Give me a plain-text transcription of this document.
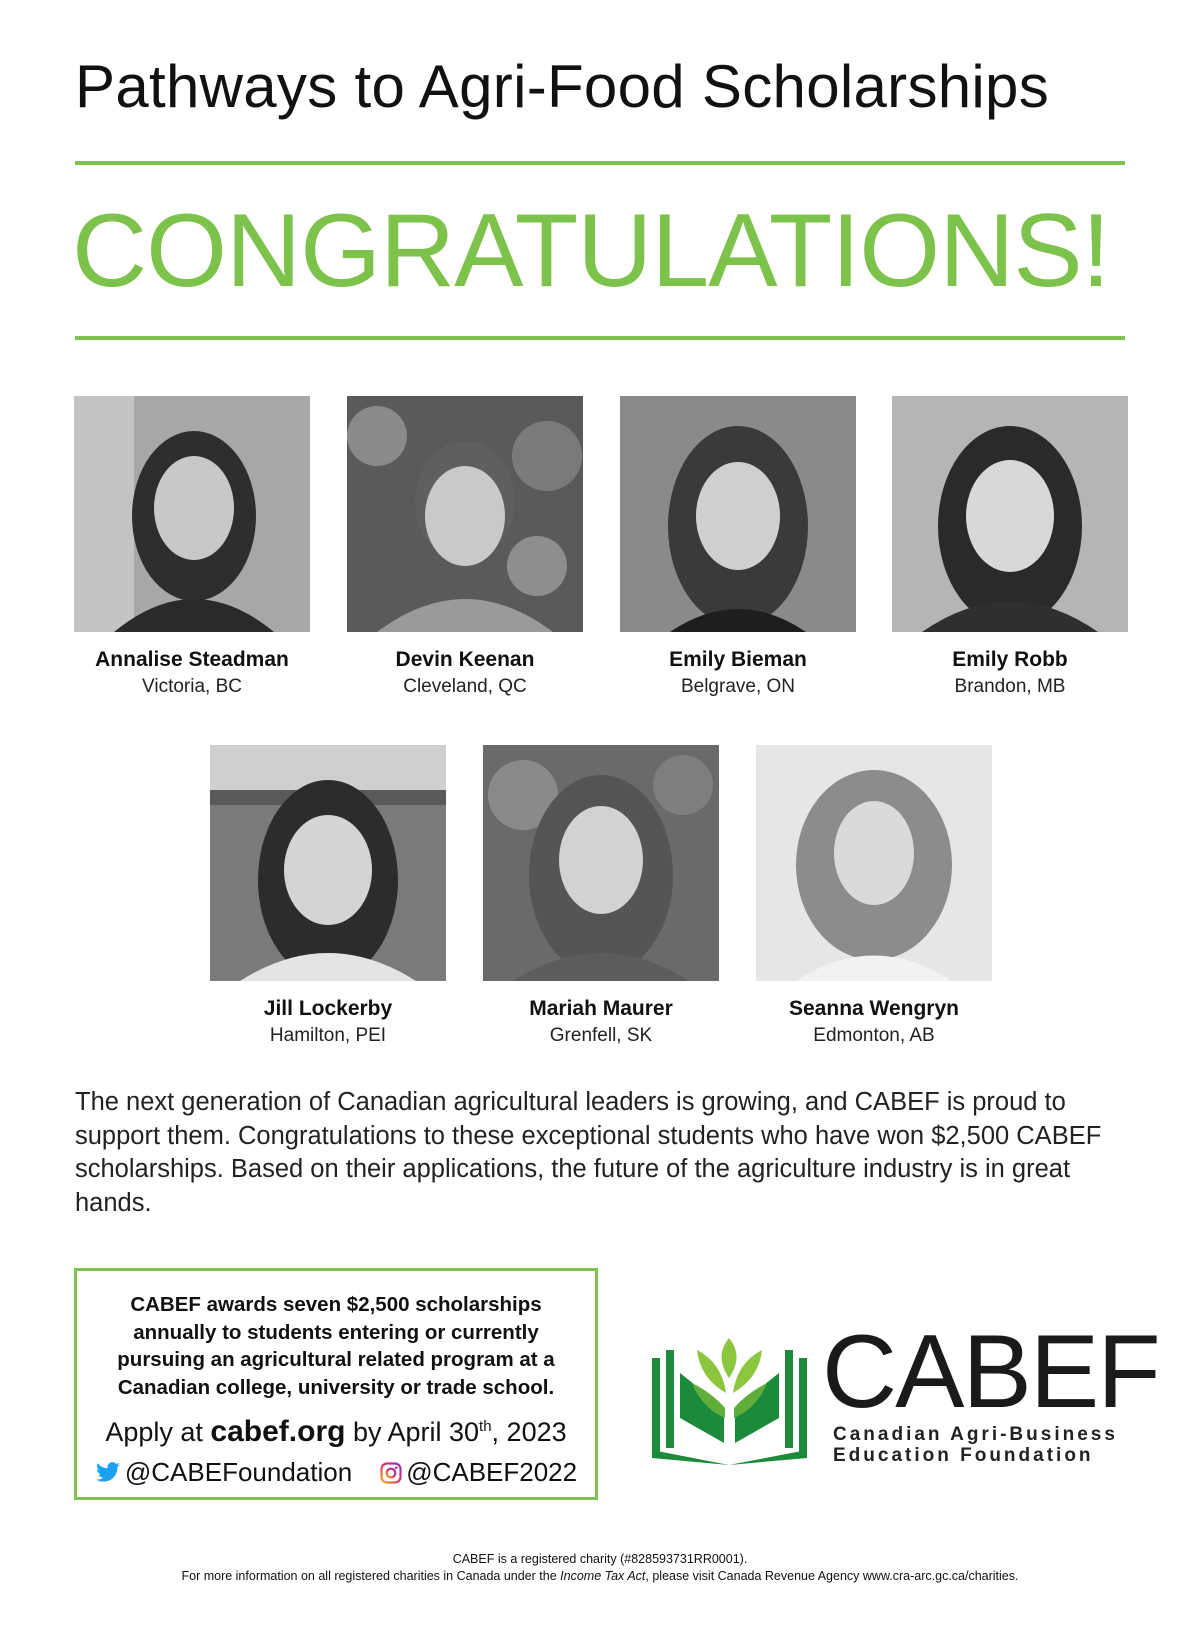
Pathways to Agri-Food Scholarships
CONGRATULATIONS!
Annalise Steadman
Victoria, BC
Devin Keenan
Cleveland, QC
Emily Bieman
Belgrave, ON
Emily Robb
Brandon, MB
Jill Lockerby
Hamilton, PEI
Mariah Maurer
Grenfell, SK
Seanna Wengryn
Edmonton, AB
The next generation of Canadian agricultural leaders is growing, and CABEF is proud to support them. Congratulations to these exceptional students who have won $2,500 CABEF scholarships. Based on their applications, the future of the agriculture industry is in great hands.
CABEF awards seven $2,500 scholarships annually to students entering or currently pursuing an agricultural related program at a Canadian college, university or trade school.
Apply at cabef.org by April 30th, 2023
@CABEFoundation @CABEF2022
CABEF
Canadian Agri-Business
Education Foundation
CABEF is a registered charity (#828593731RR0001).
For more information on all registered charities in Canada under the Income Tax Act, please visit Canada Revenue Agency www.cra-arc.gc.ca/charities.
